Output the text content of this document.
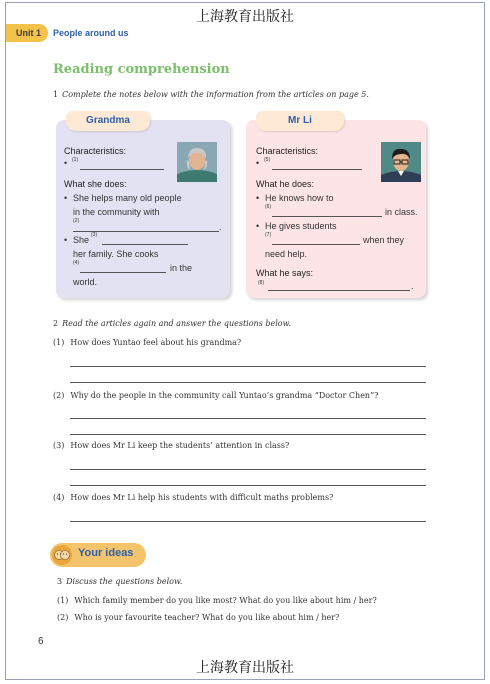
上海教育出版社
Unit 1	People around us
Reading comprehension
1 Complete the notes below with the information from the articles on page 5.
Grandma
Characteristics:
• (1)
What she does:
• She helps many old people
in the community with
(2)
.
• She (3)
her family. She cooks
(4)	in the
world.
Mr Li
Characteristics:
• (5)
What he does:
• He knows how to
(6)	in class.
• He gives students
(7)	when they
need help.
What he says:
(8)	.
2 Read the articles again and answer the questions below.
(1) How does Yuntao feel about his grandma?
(2) Why do the people in the community call Yuntao’s grandma “Doctor Chen”?
(3) How does Mr Li keep the students’ attention in class?
(4) How does Mr Li help his students with difficult maths problems?
Your ideas
3 Discuss the questions below.
(1) Which family member do you like most? What do you like about him / her?
(2) Who is your favourite teacher? What do you like about him / her?
6
上海教育出版社
